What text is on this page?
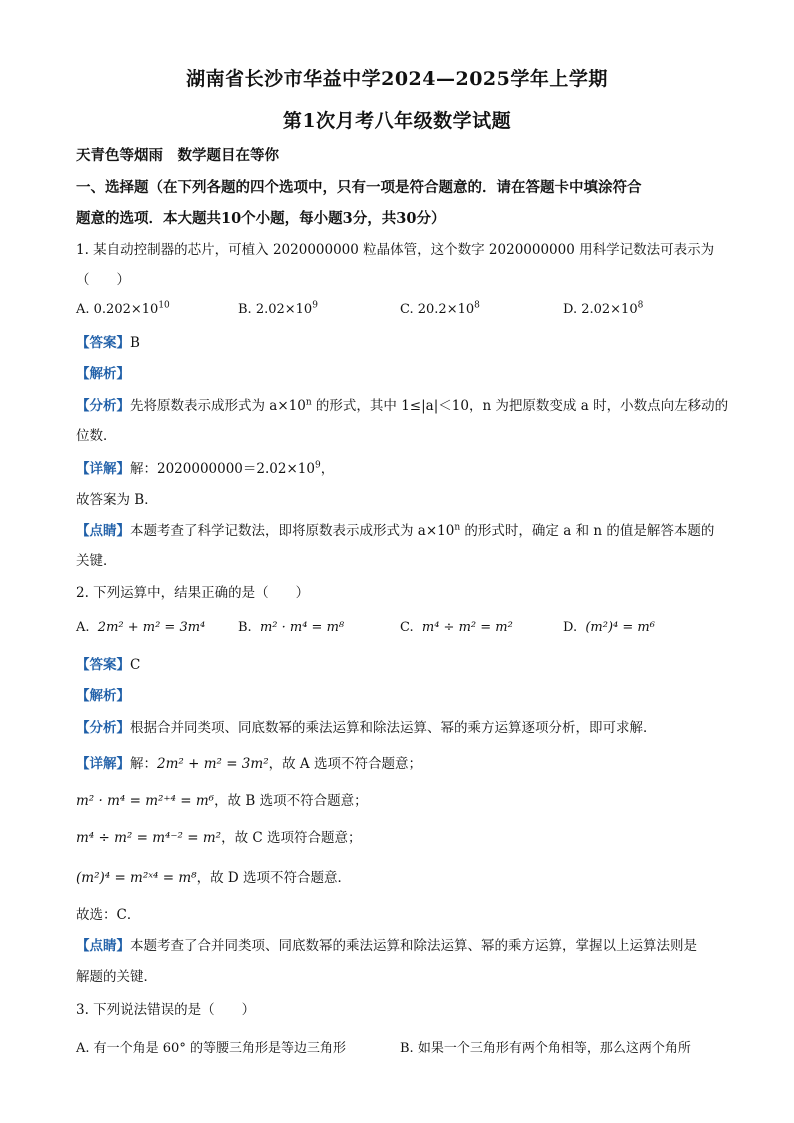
湖南省长沙市华益中学2024—2025学年上学期
第1次月考八年级数学试题
天青色等烟雨　数学题目在等你
一、选择题（在下列各题的四个选项中，只有一项是符合题意的．请在答题卡中填涂符合
题意的选项．本大题共10个小题，每小题3分，共30分）
1. 某自动控制器的芯片，可植入 2020000000 粒晶体管，这个数字 2020000000 用科学记数法可表示为
（　　）
A. $0.202\times 10^{10}$	B. $2.02\times 10^9$	C. $20.2\times 10^8$	D. $2.02\times 10^8$
【答案】B
【解析】
【分析】先将原数表示成形式为 $a\times 10^n$ 的形式，其中 1≤|a|＜10，n 为把原数变成 a 时，小数点向左移动的
位数．
【详解】解：$2020000000=2.02\times 10^9$，
故答案为 B．
【点睛】本题考查了科学记数法，即将原数表示成形式为 $a\times 10^n$ 的形式时，确定 a 和 n 的值是解答本题的
关键．
2. 下列运算中，结果正确的是（　　）
A. 2m² + m² = 3m⁴	B. m² · m⁴ = m⁸	C. m⁴ ÷ m² = m²	D. (m²)⁴ = m⁶
【答案】C
【解析】
【分析】根据合并同类项、同底数幂的乘法运算和除法运算、幂的乘方运算逐项分析，即可求解．
【详解】解：2m² + m² = 3m²，故 A 选项不符合题意；
m² · m⁴ = m²⁺⁴ = m⁶，故 B 选项不符合题意；
m⁴ ÷ m² = m⁴⁻² = m²，故 C 选项符合题意；
(m²)⁴ = m²ˣ⁴ = m⁸，故 D 选项不符合题意．
故选：C．
【点睛】本题考查了合并同类项、同底数幂的乘法运算和除法运算、幂的乘方运算，掌握以上运算法则是
解题的关键．
3. 下列说法错误的是（　　）
A. 有一个角是 60° 的等腰三角形是等边三角形	B. 如果一个三角形有两个角相等，那么这两个角所
